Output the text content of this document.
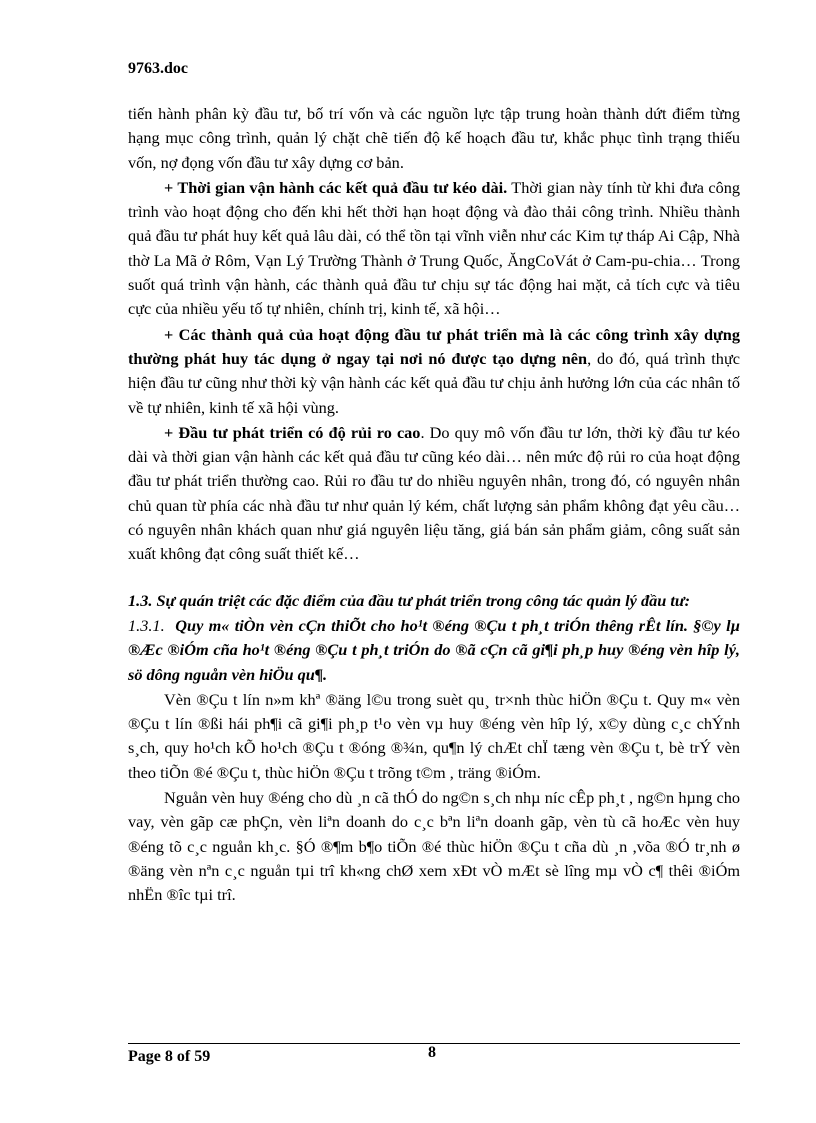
9763.doc

tiến hành phân kỳ đầu tư, bố trí vốn và các nguồn lực tập trung hoàn thành dứt điểm từng hạng mục công trình, quản lý chặt chẽ tiến độ kế hoạch đầu tư, khắc phục tình trạng thiếu vốn, nợ đọng vốn đầu tư xây dựng cơ bản.

+ Thời gian vận hành các kết quả đầu tư kéo dài. Thời gian này tính từ khi đưa công trình vào hoạt động cho đến khi hết thời hạn hoạt động và đào thải công trình. Nhiều thành quả đầu tư phát huy kết quả lâu dài, có thể tồn tại vĩnh viễn như các Kim tự tháp Ai Cập, Nhà thờ La Mã ở Rôm, Vạn Lý Trường Thành ở Trung Quốc, ĂngCoVát ở Cam-pu-chia… Trong suốt quá trình vận hành, các thành quả đầu tư chịu sự tác động hai mặt, cả tích cực và tiêu cực của nhiều yếu tố tự nhiên, chính trị, kinh tế, xã hội…

+ Các thành quả của hoạt động đầu tư phát triển mà là các công trình xây dựng thường phát huy tác dụng ở ngay tại nơi nó được tạo dựng nên, do đó, quá trình thực hiện đầu tư cũng như thời kỳ vận hành các kết quả đầu tư chịu ảnh hưởng lớn của các nhân tố về tự nhiên, kinh tế xã hội vùng.

+ Đầu tư phát triển có độ rủi ro cao. Do quy mô vốn đầu tư lớn, thời kỳ đầu tư kéo dài và thời gian vận hành các kết quả đầu tư cũng kéo dài… nên mức độ rủi ro của hoạt động đầu tư phát triển thường cao. Rủi ro đầu tư do nhiều nguyên nhân, trong đó, có nguyên nhân chủ quan từ phía các nhà đầu tư như quản lý kém, chất lượng sản phẩm không đạt yêu cầu… có nguyên nhân khách quan như giá nguyên liệu tăng, giá bán sản phẩm giảm, công suất sản xuất không đạt công suất thiết kế…

1.3. Sự quán triệt các đặc điểm của đầu tư phát triển trong công tác quản lý đầu tư:

1.3.1. Quy m« tiÒn vèn cÇn thiÕt cho ho¹t ®éng ®Çu t ph¸t triÓn thêng rÊt lín. §©y lµ ®Æc ®iÓm cña ho¹t ®éng ®Çu t ph¸t triÓn do ®ã cÇn cã gi¶i ph¸p huy ®éng vèn hîp lý, sö dông nguån vèn hiÖu qu¶.

Vèn ®Çu t lín n»m khª ®äng l©u trong suèt qu¸ tr×nh thùc hiÖn ®Çu t. Quy m« vèn ®Çu t lín ®ßi hái ph¶i cã gi¶i ph¸p t¹o vèn vµ huy ®éng vèn hîp lý, x©y dùng c¸c chÝnh s¸ch, quy ho¹ch kÕ ho¹ch ®Çu t ®óng ®¾n, qu¶n lý chÆt chÏ tæng vèn ®Çu t, bè trÝ vèn theo tiÕn ®é ®Çu t, thùc hiÖn ®Çu t trõng t©m , träng ®iÓm.

Nguån vèn huy ®éng cho dù ¸n cã thÓ do ng©n s¸ch nhµ níc cÊp ph¸t , ng©n hµng cho vay, vèn gãp cæ phÇn, vèn liªn doanh do c¸c bªn liªn doanh gãp, vèn tù cã hoÆc vèn huy ®éng tõ c¸c nguån kh¸c. §Ó ®¶m b¶o tiÕn ®é thùc hiÖn ®Çu t cña dù ¸n ,võa ®Ó tr¸nh ø ®äng vèn nªn c¸c nguån tµi trî kh«ng chØ xem xÐt vÒ mÆt sè lîng mµ vÒ c¶ thêi ®iÓm nhËn ®îc tµi trî.

Page 8 of 59	8
